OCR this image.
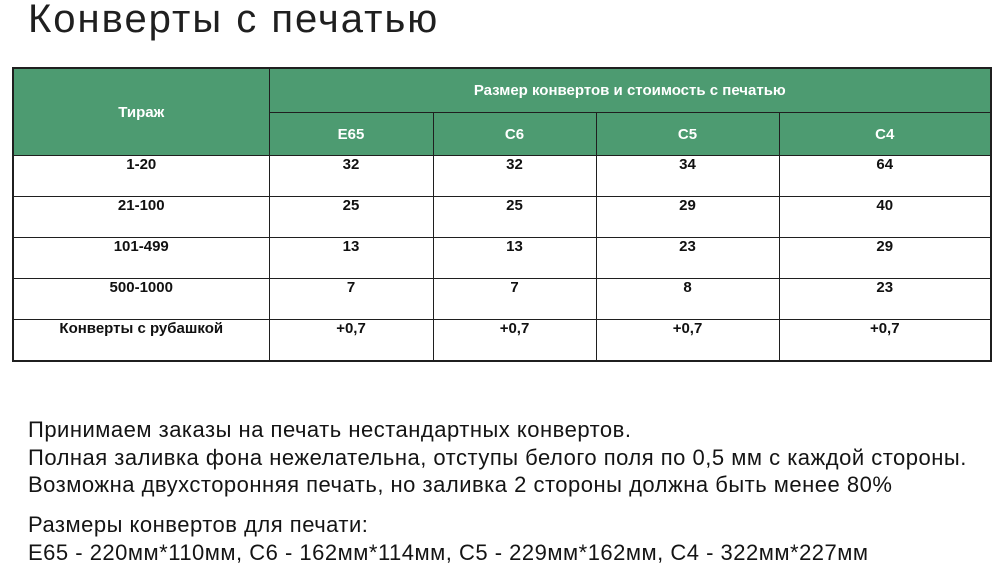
Конверты с печатью
Тираж	Размер конвертов и стоимость с печатью			
	E65	C6	C5	C4
1-20	32	32	34	64
21-100	25	25	29	40
101-499	13	13	23	29
500-1000	7	7	8	23
Конверты с рубашкой	+0,7	+0,7	+0,7	+0,7

Принимаем заказы на печать нестандартных конвертов.

Полная заливка фона нежелательна, отступы белого поля по 0,5 мм с каждой стороны.

Возможна двухсторонняя печать, но заливка 2 стороны должна быть менее 80%

Размеры конвертов для печати:

Е65 - 220мм*110мм, С6 - 162мм*114мм, С5 - 229мм*162мм, С4 - 322мм*227мм
